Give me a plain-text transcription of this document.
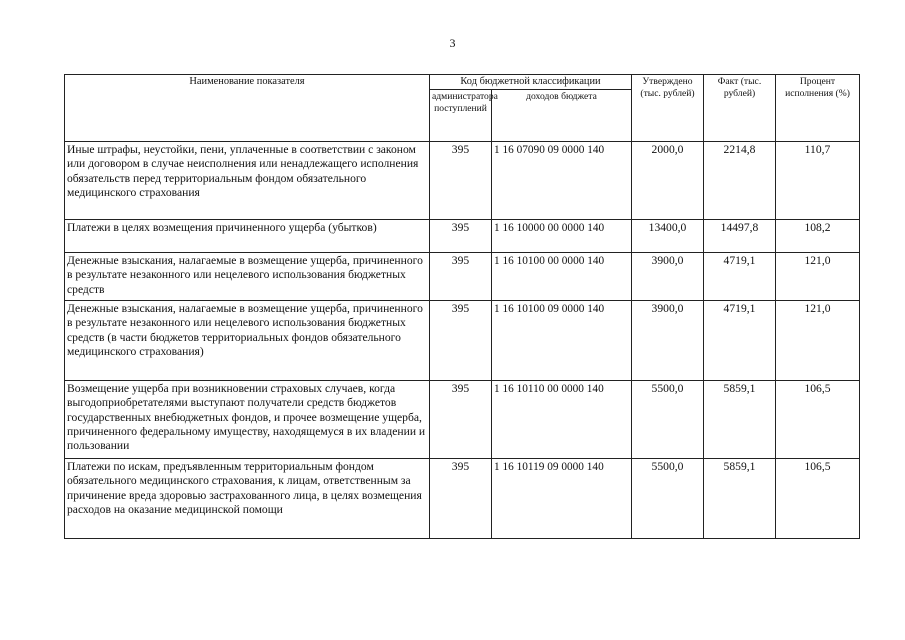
3
Наименование показателя	Код бюджетной классификации		Утверждено (тыс. рублей)	Факт (тыс. рублей)	Процент исполнения (%)
	администратора поступлений	доходов бюджета			
Иные штрафы, неустойки, пени, уплаченные в соответствии с законом или договором в случае неисполнения или ненадлежащего исполнения обязательств перед территориальным фондом обязательного медицинского страхования	395	1 16 07090 09 0000 140	2000,0	2214,8	110,7
Платежи в целях возмещения причиненного ущерба (убытков)	395	1 16 10000 00 0000 140	13400,0	14497,8	108,2
Денежные взыскания, налагаемые в возмещение ущерба, причиненного в результате незаконного или нецелевого использования бюджетных средств	395	1 16 10100 00 0000 140	3900,0	4719,1	121,0
Денежные взыскания, налагаемые в возмещение ущерба, причиненного в результате незаконного или нецелевого использования бюджетных средств (в части бюджетов территориальных фондов обязательного медицинского страхования)	395	1 16 10100 09 0000 140	3900,0	4719,1	121,0
Возмещение ущерба при возникновении страховых случаев, когда выгодоприобретателями выступают получатели средств бюджетов государственных внебюджетных фондов, и прочее возмещение ущерба, причиненного федеральному имуществу, находящемуся в их владении и пользовании	395	1 16 10110 00 0000 140	5500,0	5859,1	106,5
Платежи по искам, предъявленным территориальным фондом обязательного медицинского страхования, к лицам, ответственным за причинение вреда здоровью застрахованного лица, в целях возмещения расходов на оказание медицинской помощи	395	1 16 10119 09 0000 140	5500,0	5859,1	106,5
